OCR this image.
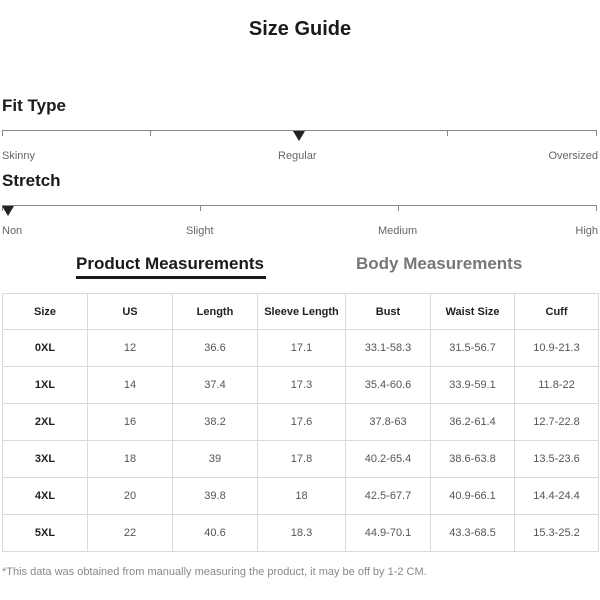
Size Guide
Fit Type
Skinny	Regular	Oversized
Stretch
Non	Slight	Medium	High
Product Measurements	Body Measurements
Size	US	Length	Sleeve Length	Bust	Waist Size	Cuff
0XL	12	36.6	17.1	33.1-58.3	31.5-56.7	10.9-21.3
1XL	14	37.4	17.3	35.4-60.6	33.9-59.1	11.8-22
2XL	16	38.2	17.6	37.8-63	36.2-61.4	12.7-22.8
3XL	18	39	17.8	40.2-65.4	38.6-63.8	13.5-23.6
4XL	20	39.8	18	42.5-67.7	40.9-66.1	14.4-24.4
5XL	22	40.6	18.3	44.9-70.1	43.3-68.5	15.3-25.2
*This data was obtained from manually measuring the product, it may be off by 1-2 CM.
